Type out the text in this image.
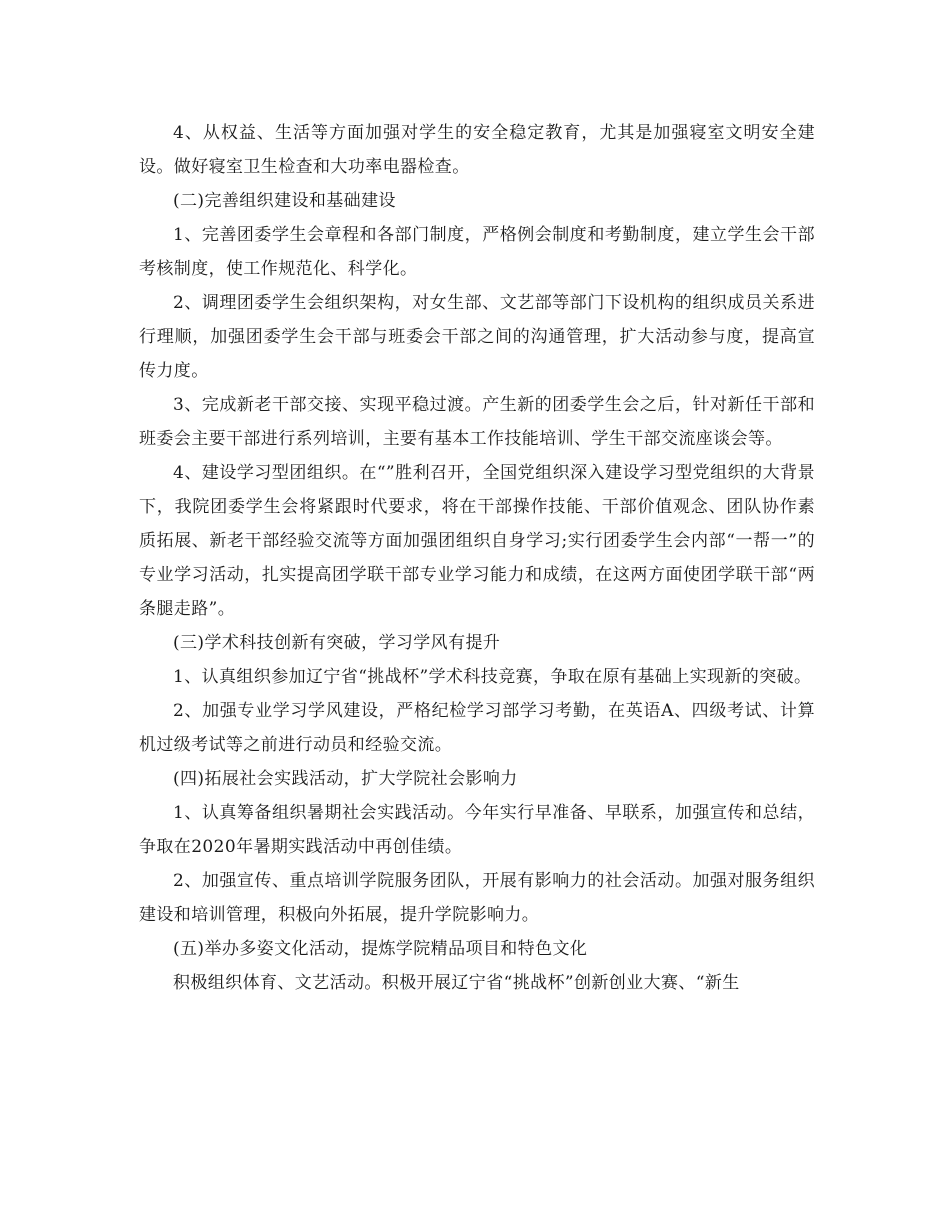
4、从权益、生活等方面加强对学生的安全稳定教育，尤其是加强寝室文明安全建设。做好寝室卫生检查和大功率电器检查。

(二)完善组织建设和基础建设

1、完善团委学生会章程和各部门制度，严格例会制度和考勤制度，建立学生会干部考核制度，使工作规范化、科学化。

2、调理团委学生会组织架构，对女生部、文艺部等部门下设机构的组织成员关系进行理顺，加强团委学生会干部与班委会干部之间的沟通管理，扩大活动参与度，提高宣传力度。

3、完成新老干部交接、实现平稳过渡。产生新的团委学生会之后，针对新任干部和班委会主要干部进行系列培训，主要有基本工作技能培训、学生干部交流座谈会等。

4、建设学习型团组织。在“”胜利召开，全国党组织深入建设学习型党组织的大背景下，我院团委学生会将紧跟时代要求，将在干部操作技能、干部价值观念、团队协作素质拓展、新老干部经验交流等方面加强团组织自身学习;实行团委学生会内部“一帮一”的专业学习活动，扎实提高团学联干部专业学习能力和成绩，在这两方面使团学联干部“两条腿走路”。

(三)学术科技创新有突破，学习学风有提升

1、认真组织参加辽宁省“挑战杯”学术科技竞赛，争取在原有基础上实现新的突破。

2、加强专业学习学风建设，严格纪检学习部学习考勤，在英语A、四级考试、计算机过级考试等之前进行动员和经验交流。

(四)拓展社会实践活动，扩大学院社会影响力

1、认真筹备组织暑期社会实践活动。今年实行早准备、早联系，加强宣传和总结，争取在2020年暑期实践活动中再创佳绩。

2、加强宣传、重点培训学院服务团队，开展有影响力的社会活动。加强对服务组织建设和培训管理，积极向外拓展，提升学院影响力。

(五)举办多姿文化活动，提炼学院精品项目和特色文化

积极组织体育、文艺活动。积极开展辽宁省“挑战杯”创新创业大赛、“新生
